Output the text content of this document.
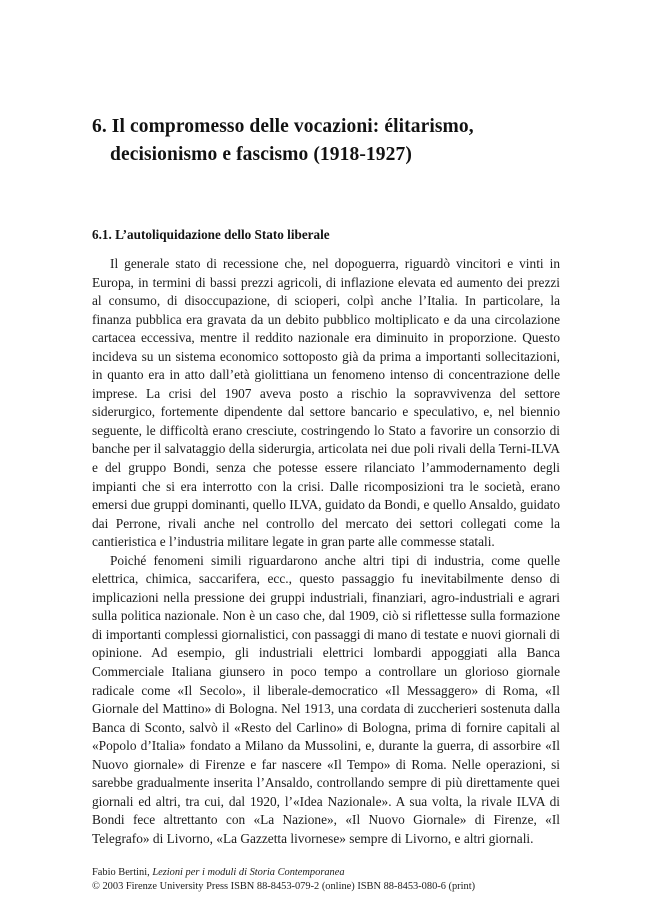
6. Il compromesso delle vocazioni: élitarismo,
decisionismo e fascismo (1918-1927)
6.1. L’autoliquidazione dello Stato liberale

Il generale stato di recessione che, nel dopoguerra, riguardò vincitori e vinti in Europa, in termini di bassi prezzi agricoli, di inflazione elevata ed aumento dei prezzi al consumo, di disoccupazione, di scioperi, colpì anche l’Italia. In particolare, la finanza pubblica era gravata da un debito pubblico moltiplicato e da una circolazione cartacea eccessiva, mentre il reddito nazionale era diminuito in proporzione. Questo incideva su un sistema economico sottoposto già da prima a importanti sollecitazioni, in quanto era in atto dall’età giolittiana un fenomeno intenso di concentrazione delle imprese. La crisi del 1907 aveva posto a rischio la sopravvivenza del settore siderurgico, fortemente dipendente dal settore bancario e speculativo, e, nel biennio seguente, le difficoltà erano cresciute, costringendo lo Stato a favorire un consorzio di banche per il salvataggio della siderurgia, articolata nei due poli rivali della Terni-ILVA e del gruppo Bondi, senza che potesse essere rilanciato l’ammodernamento degli impianti che si era interrotto con la crisi. Dalle ricomposizioni tra le società, erano emersi due gruppi dominanti, quello ILVA, guidato da Bondi, e quello Ansaldo, guidato dai Perrone, rivali anche nel controllo del mercato dei settori collegati come la cantieristica e l’industria militare legate in gran parte alle commesse statali.

Poiché fenomeni simili riguardarono anche altri tipi di industria, come quelle elettrica, chimica, saccarifera, ecc., questo passaggio fu inevitabilmente denso di implicazioni nella pressione dei gruppi industriali, finanziari, agro-industriali e agrari sulla politica nazionale. Non è un caso che, dal 1909, ciò si riflettesse sulla formazione di importanti complessi giornalistici, con passaggi di mano di testate e nuovi giornali di opinione. Ad esempio, gli industriali elettrici lombardi appoggiati alla Banca Commerciale Italiana giunsero in poco tempo a controllare un glorioso giornale radicale come «Il Secolo», il liberale-democratico «Il Messaggero» di Roma, «Il Giornale del Mattino» di Bologna. Nel 1913, una cordata di zuccherieri sostenuta dalla Banca di Sconto, salvò il «Resto del Carlino» di Bologna, prima di fornire capitali al «Popolo d’Italia» fondato a Milano da Mussolini, e, durante la guerra, di assorbire «Il Nuovo giornale» di Firenze e far nascere «Il Tempo» di Roma. Nelle operazioni, si sarebbe gradualmente inserita l’Ansaldo, controllando sempre di più direttamente quei giornali ed altri, tra cui, dal 1920, l’«Idea Nazionale». A sua volta, la rivale ILVA di Bondi fece altrettanto con «La Nazione», «Il Nuovo Giornale» di Firenze, «Il Telegrafo» di Livorno, «La Gazzetta livornese» sempre di Livorno, e altri giornali.

Fabio Bertini, Lezioni per i moduli di Storia Contemporanea
© 2003 Firenze University Press ISBN 88-8453-079-2 (online) ISBN 88-8453-080-6 (print)
